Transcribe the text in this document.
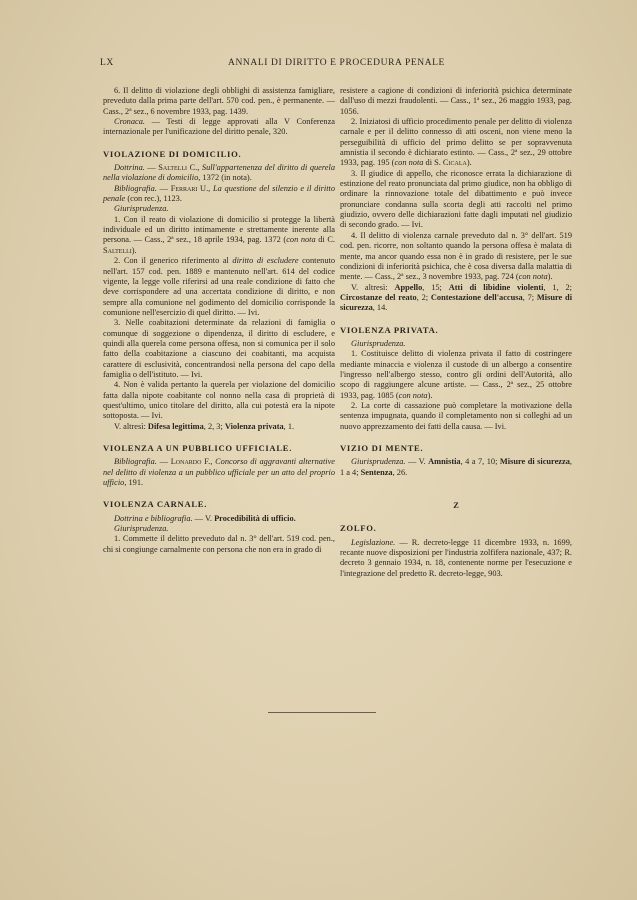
LX	ANNALI DI DIRITTO E PROCEDURA PENALE

6. Il delitto di violazione degli obblighi di assistenza famigliare, preveduto dalla prima parte dell'art. 570 cod. pen., è permanente. — Cass., 2ª sez., 6 novembre 1933, pag. 1439.

Cronaca. — Testi di legge approvati alla V Conferenza internazionale per l'unificazione del diritto penale, 320.

VIOLAZIONE DI DOMICILIO.

Dottrina. — Saltelli C., Sull'appartenenza del diritto di querela nella violazione di domicilio, 1372 (in nota).

Bibliografia. — Ferrari U., La questione del silenzio e il diritto penale (con rec.), 1123.

Giurisprudenza.

1. Con il reato di violazione di domicilio si protegge la libertà individuale ed un diritto intimamente e strettamente inerente alla persona. — Cass., 2ª sez., 18 aprile 1934, pag. 1372 (con nota di C. Saltelli).

2. Con il generico riferimento al diritto di escludere contenuto nell'art. 157 cod. pen. 1889 e mantenuto nell'art. 614 del codice vigente, la legge volle riferirsi ad una reale condizione di fatto che deve corrispondere ad una accertata condizione di diritto, e non sempre alla comunione nel godimento del domicilio corrisponde la comunione nell'esercizio di quel diritto. — Ivi.

3. Nelle coabitazioni determinate da relazioni di famiglia o comunque di soggezione o dipendenza, il diritto di escludere, e quindi alla querela come persona offesa, non si comunica per il solo fatto della coabitazione a ciascuno dei coabitanti, ma acquista carattere di esclusività, concentrandosi nella persona del capo della famiglia o dell'istituto. — Ivi.

4. Non è valida pertanto la querela per violazione del domicilio fatta dalla nipote coabitante col nonno nella casa di proprietà di quest'ultimo, unico titolare del diritto, alla cui potestà era la nipote sottoposta. — Ivi.

V. altresì: Difesa legittima, 2, 3; Violenza privata, 1.

VIOLENZA A UN PUBBLICO UFFICIALE.

Bibliografia. — Lonardo F., Concorso di aggravanti alternative nel delitto di violenza a un pubblico ufficiale per un atto del proprio ufficio, 191.

VIOLENZA CARNALE.

Dottrina e bibliografia. — V. Procedibilità di ufficio.

Giurisprudenza.

1. Commette il delitto preveduto dal n. 3° dell'art. 519 cod. pen., chi si congiunge carnalmente con persona che non era in grado di

resistere a cagione di condizioni di inferiorità psichica determinate dall'uso di mezzi fraudolenti. — Cass., 1ª sez., 26 maggio 1933, pag. 1056.

2. Iniziatosi di ufficio procedimento penale per delitto di violenza carnale e per il delitto connesso di atti osceni, non viene meno la perseguibilità di ufficio del primo delitto se per sopravvenuta amnistia il secondo è dichiarato estinto. — Cass., 2ª sez., 29 ottobre 1933, pag. 195 (con nota di S. Cicala).

3. Il giudice di appello, che riconosce errata la dichiarazione di estinzione del reato pronunciata dal primo giudice, non ha obbligo di ordinare la rinnovazione totale del dibattimento e può invece pronunciare condanna sulla scorta degli atti raccolti nel primo giudizio, ovvero delle dichiarazioni fatte dagli imputati nel giudizio di secondo grado. — Ivi.

4. Il delitto di violenza carnale preveduto dal n. 3° dell'art. 519 cod. pen. ricorre, non soltanto quando la persona offesa è malata di mente, ma ancor quando essa non è in grado di resistere, per le sue condizioni di inferiorità psichica, che è cosa diversa dalla malattia di mente. — Cass., 2ª sez., 3 novembre 1933, pag. 724 (con nota).

V. altresì: Appello, 15; Atti di libidine violenti, 1, 2; Circostanze del reato, 2; Contestazione dell'accusa, 7; Misure di sicurezza, 14.

VIOLENZA PRIVATA.

Giurisprudenza.

1. Costituisce delitto di violenza privata il fatto di costringere mediante minaccia e violenza il custode di un albergo a consentire l'ingresso nell'albergo stesso, contro gli ordini dell'Autorità, allo scopo di raggiungere alcune artiste. — Cass., 2ª sez., 25 ottobre 1933, pag. 1085 (con nota).

2. La corte di cassazione può completare la motivazione della sentenza impugnata, quando il completamento non si colleghi ad un nuovo apprezzamento dei fatti della causa. — Ivi.

VIZIO DI MENTE.

Giurisprudenza. — V. Amnistia, 4 a 7, 10; Misure di sicurezza, 1 a 4; Sentenza, 26.

Z

ZOLFO.

Legislazione. — R. decreto-legge 11 dicembre 1933, n. 1699, recante nuove disposizioni per l'industria zolfifera nazionale, 437; R. decreto 3 gennaio 1934, n. 18, contenente norme per l'esecuzione e l'integrazione del predetto R. decreto-legge, 903.
